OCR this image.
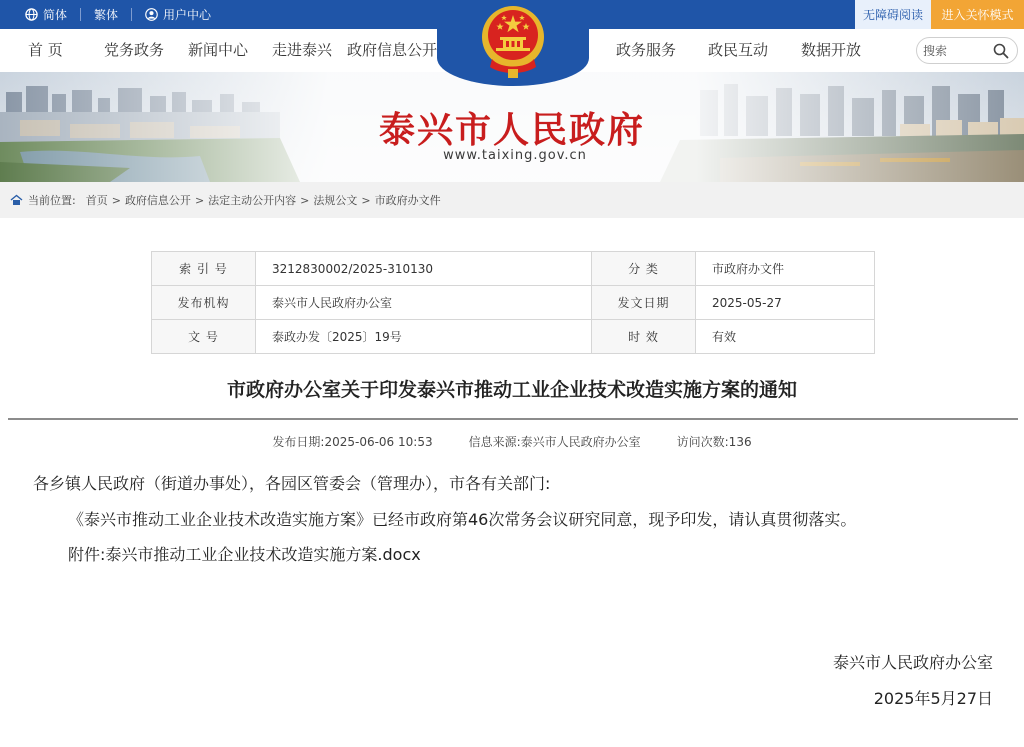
简体 繁体	用户中心	无障碍阅读	进入关怀模式
首 页	党务政务 新闻中心 走进泰兴 政府信息公开	政务服务 政民互动 数据开放
搜索
泰兴市人民政府
www.taixing.gov.cn
当前位置: 首页 > 政府信息公开 > 法定主动公开内容 > 法规公文 > 市政府办文件
索 引 号	3212830002/2025-310130	分 类	市政府办文件
发布机构	泰兴市人民政府办公室	发文日期	2025-05-27
文 号	泰政办发〔2025〕19号	时 效	有效
市政府办公室关于印发泰兴市推动工业企业技术改造实施方案的通知
发布日期:2025-06-06 10:53	信息来源:泰兴市人民政府办公室	访问次数:136
各乡镇人民政府（街道办事处），各园区管委会（管理办），市各有关部门:
《泰兴市推动工业企业技术改造实施方案》已经市政府第46次常务会议研究同意，现予印发，请认真贯彻落实。
附件:泰兴市推动工业企业技术改造实施方案.docx
泰兴市人民政府办公室
2025年5月27日
